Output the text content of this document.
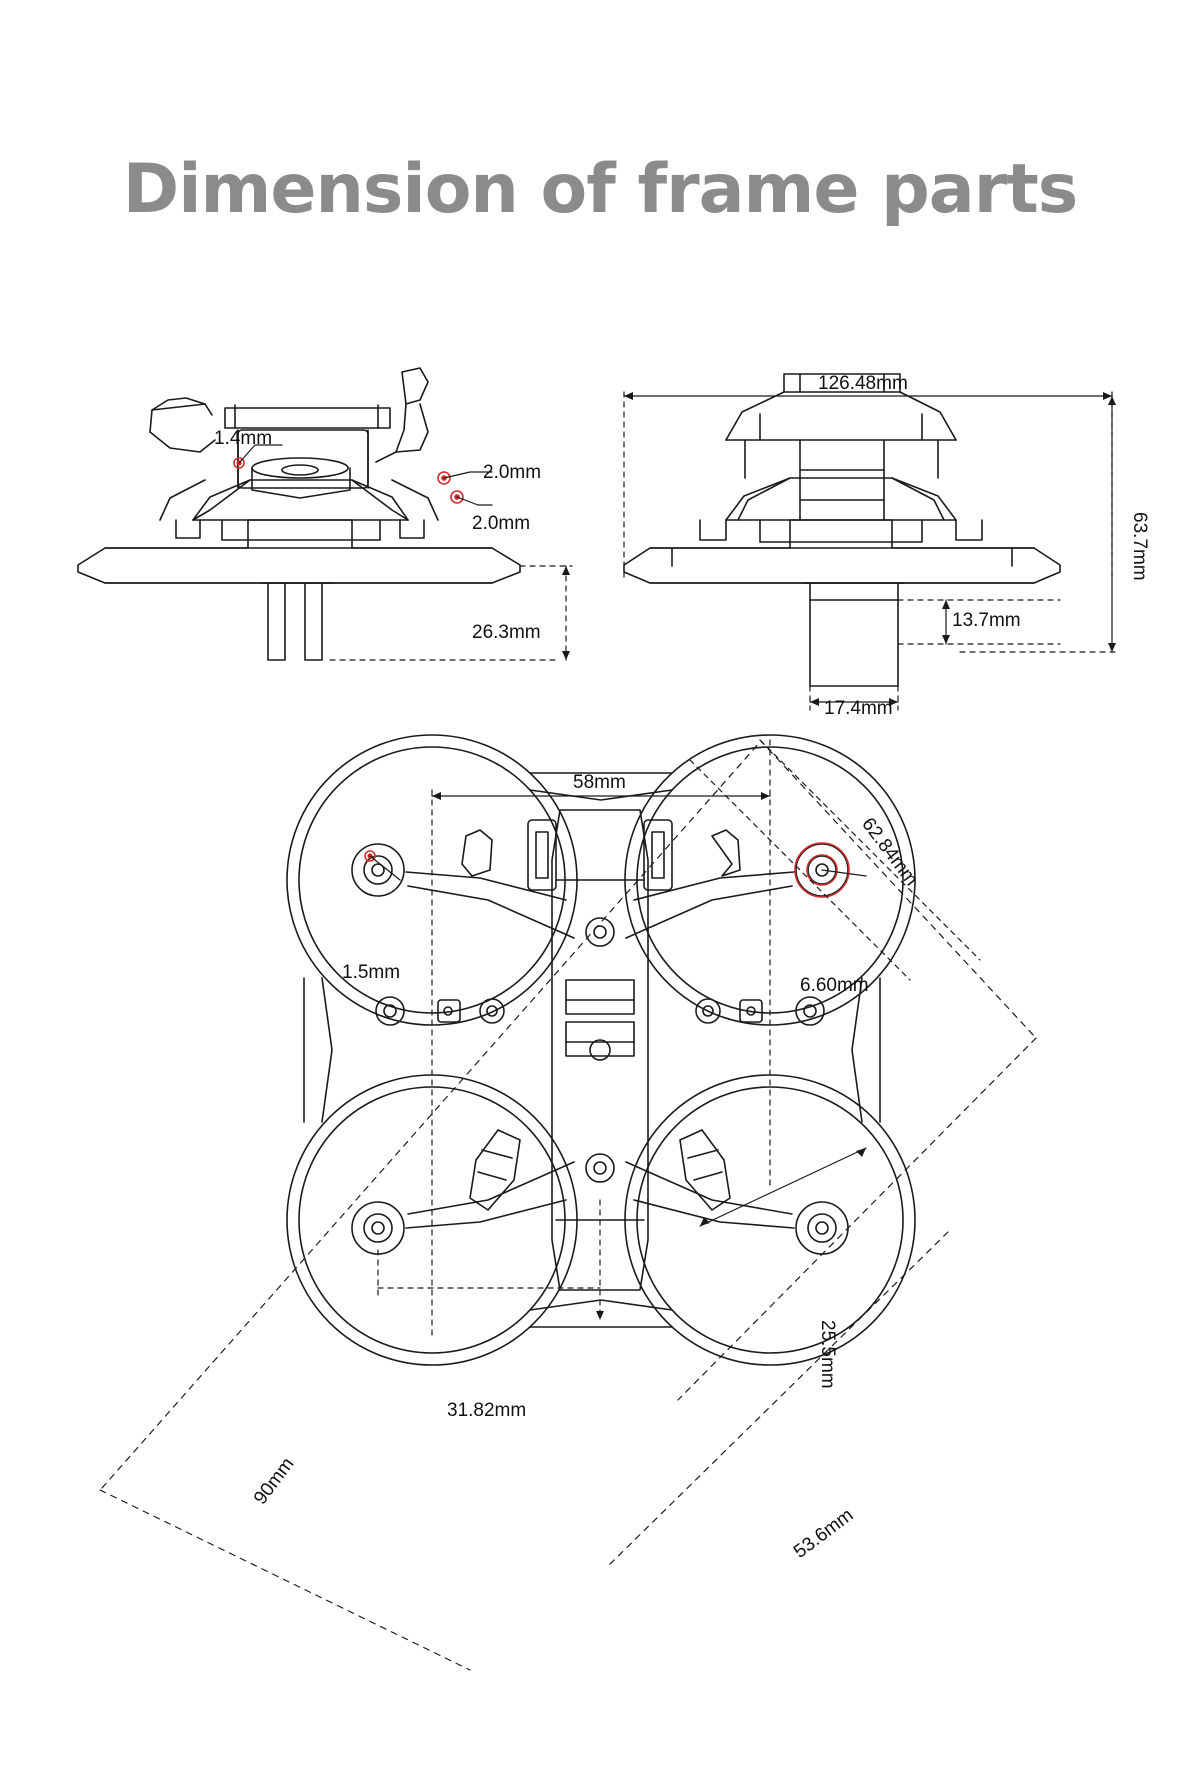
Dimension of frame parts
1.4mm
2.0mm
2.0mm
26.3mm
126.48mm
63.7mm
13.7mm
17.4mm
58mm
62.84mm
1.5mm
6.60mm
25.5mm
31.82mm
90mm
53.6mm
